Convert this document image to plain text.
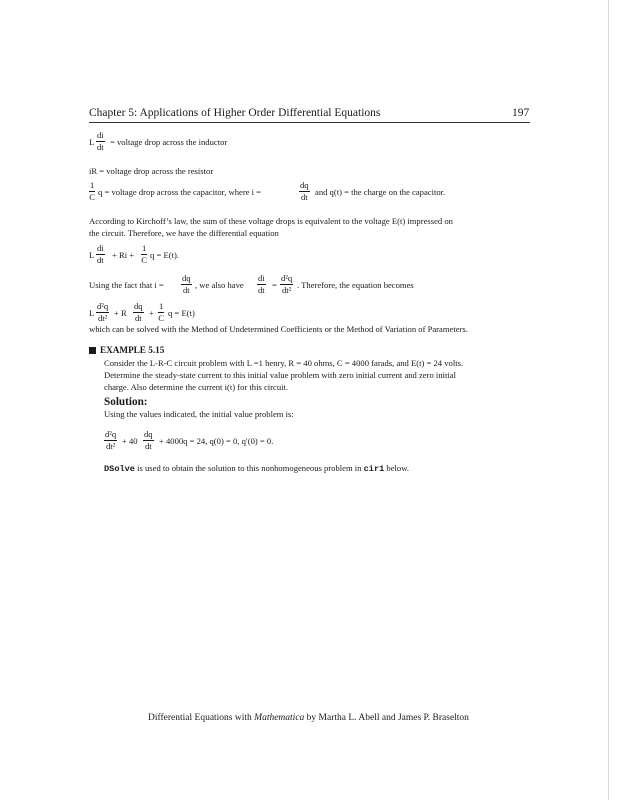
Chapter 5: Applications of Higher Order Differential Equations	197
L $\frac{di}{dt}$ = voltage drop across the inductor
iR = voltage drop across the resistor
$\frac{1}{C}$ q = voltage drop across the capacitor, where i =	$\frac{dq}{dt}$ and q(t) = the charge on the capacitor.
According to Kirchoff’s law, the sum of these voltage drops is equivalent to the voltage E(t) impressed on
the circuit. Therefore, we have the differential equation
L $\frac{di}{dt} + Ri + \frac{1}{C}$ q = E(t).
Using the fact that $i = \frac{dq}{dt}$ , we also have $\frac{di}{dt} = \frac{\text{d²q}}{\text{dt²}}$ . Therefore, the equation becomes
L $\frac{\text{d²q}}{\text{dt²}} + R \frac{dq}{dt} + \frac{1}{C}$ q = E(t)
which can be solved with the Method of Undetermined Coefficients or the Method of Variation of Parameters.
EXAMPLE 5.15
Consider the L-R-C circuit problem with L =1 henry, R = 40 ohms, C = 4000 farads, and E(t) = 24 volts.
Determine the steady-state current to this initial value problem with zero initial current and zero initial
charge. Also determine the current i(t) for this circuit.
Solution:
Using the values indicated, the initial value problem is:
$\frac{\text{d²q}}{\text{dt²}} + 40 \frac{dq}{dt} + 4000q = 24$, q(0) = 0, q′(0) = 0.
DSolve is used to obtain the solution to this nonhomogeneous problem in cir1 below.
Differential Equations with Mathematica by Martha L. Abell and James P. Braselton
